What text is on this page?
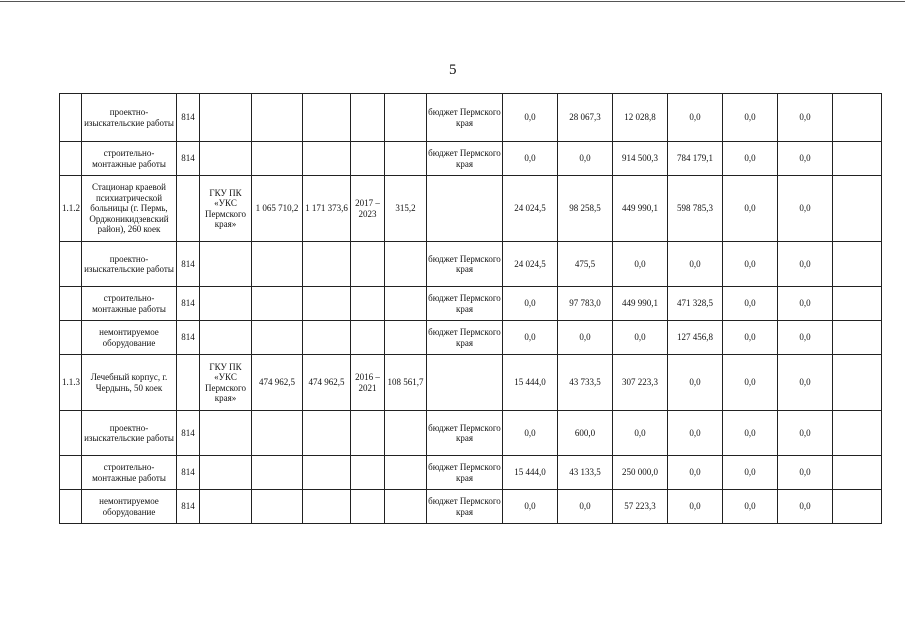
5
	проектно-изыскательские работы	814						бюджет Пермского края	0,0	28 067,3	12 028,8	0,0	0,0	0,0	
	строительно-монтажные работы	814						бюджет Пермского края	0,0	0,0	914 500,3	784 179,1	0,0	0,0	
1.1.2	Стационар краевой психиатрической больницы (г. Пермь, Орджоникидзевский район), 260 коек		ГКУ ПК «УКС Пермского края»	1 065 710,2	1 171 373,6	2017 – 2023	315,2		24 024,5	98 258,5	449 990,1	598 785,3	0,0	0,0	
	проектно-изыскательские работы	814						бюджет Пермского края	24 024,5	475,5	0,0	0,0	0,0	0,0	
	строительно-монтажные работы	814						бюджет Пермского края	0,0	97 783,0	449 990,1	471 328,5	0,0	0,0	
	немонтируемое оборудование	814						бюджет Пермского края	0,0	0,0	0,0	127 456,8	0,0	0,0	
1.1.3	Лечебный корпус, г. Чердынь, 50 коек		ГКУ ПК «УКС Пермского края»	474 962,5	474 962,5	2016 – 2021	108 561,7		15 444,0	43 733,5	307 223,3	0,0	0,0	0,0	
	проектно-изыскательские работы	814						бюджет Пермского края	0,0	600,0	0,0	0,0	0,0	0,0	
	строительно-монтажные работы	814						бюджет Пермского края	15 444,0	43 133,5	250 000,0	0,0	0,0	0,0	
	немонтируемое оборудование	814						бюджет Пермского края	0,0	0,0	57 223,3	0,0	0,0	0,0	
